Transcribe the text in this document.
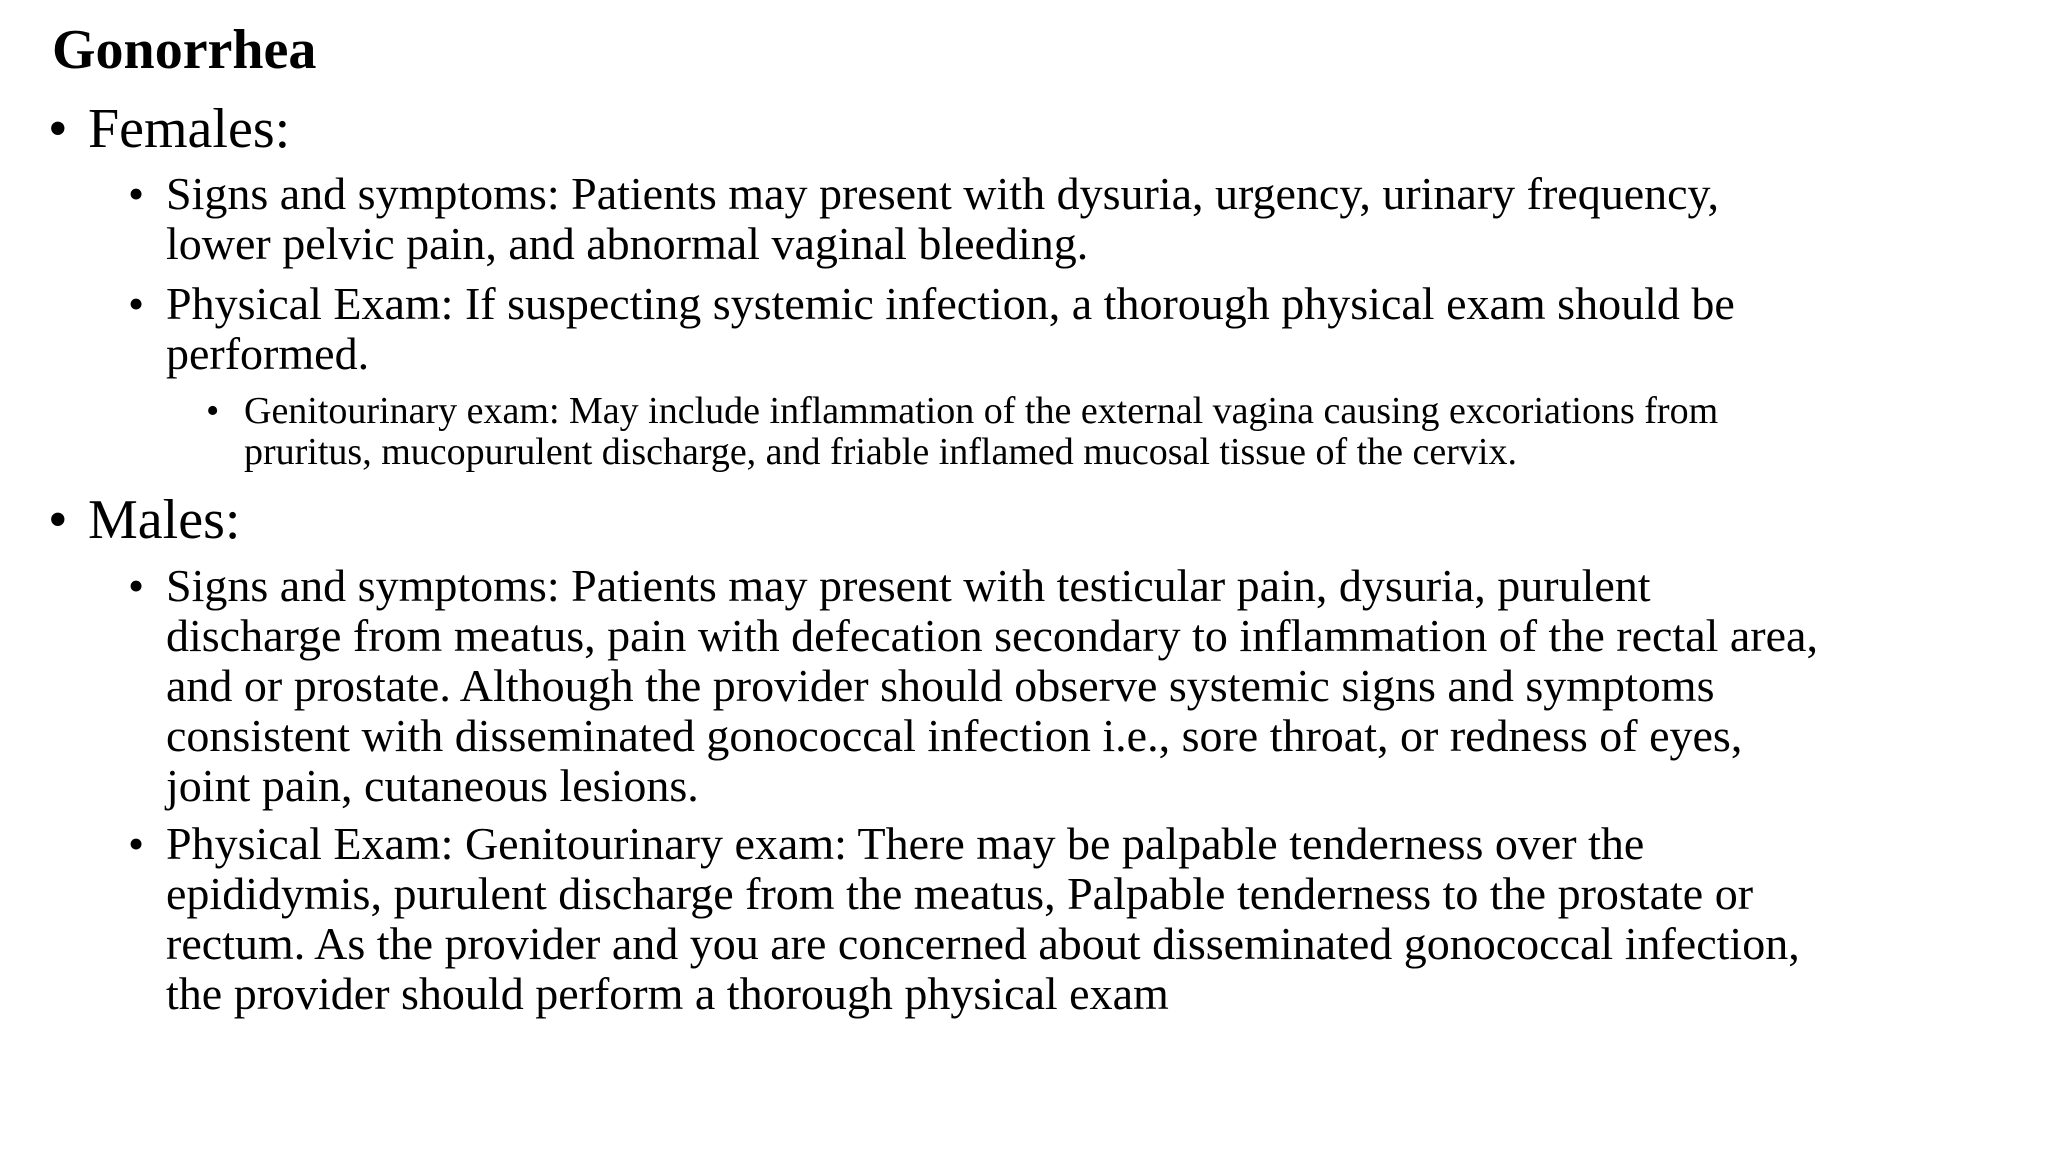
Gonorrhea

• Females:

• Signs and symptoms: Patients may present with dysuria, urgency, urinary frequency,
lower pelvic pain, and abnormal vaginal bleeding.

• Physical Exam: If suspecting systemic infection, a thorough physical exam should be
performed.

• Genitourinary exam: May include inflammation of the external vagina causing excoriations from
pruritus, mucopurulent discharge, and friable inflamed mucosal tissue of the cervix.

• Males:

• Signs and symptoms: Patients may present with testicular pain, dysuria, purulent
discharge from meatus, pain with defecation secondary to inflammation of the rectal area,
and or prostate. Although the provider should observe systemic signs and symptoms
consistent with disseminated gonococcal infection i.e., sore throat, or redness of eyes,
joint pain, cutaneous lesions.

• Physical Exam: Genitourinary exam: There may be palpable tenderness over the
epididymis, purulent discharge from the meatus, Palpable tenderness to the prostate or
rectum. As the provider and you are concerned about disseminated gonococcal infection,
the provider should perform a thorough physical exam
